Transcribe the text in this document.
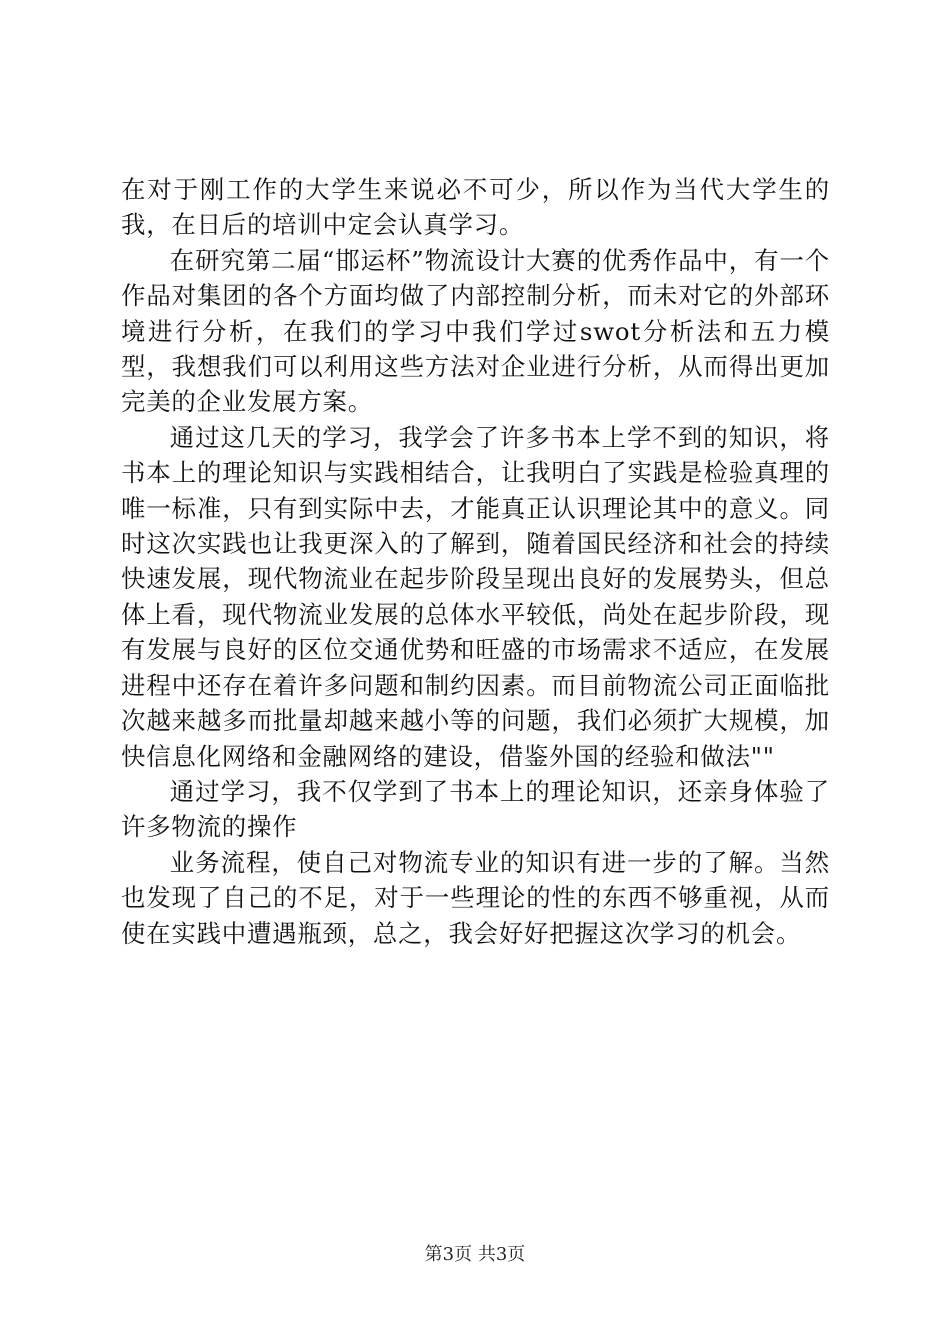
在对于刚工作的大学生来说必不可少，所以作为当代大学生的我，在日后的培训中定会认真学习。

在研究第二届“邯运杯”物流设计大赛的优秀作品中，有一个作品对集团的各个方面均做了内部控制分析，而未对它的外部环境进行分析，在我们的学习中我们学过swot分析法和五力模型，我想我们可以利用这些方法对企业进行分析，从而得出更加完美的企业发展方案。

通过这几天的学习，我学会了许多书本上学不到的知识，将书本上的理论知识与实践相结合，让我明白了实践是检验真理的唯一标准，只有到实际中去，才能真正认识理论其中的意义。同时这次实践也让我更深入的了解到，随着国民经济和社会的持续快速发展，现代物流业在起步阶段呈现出良好的发展势头，但总体上看，现代物流业发展的总体水平较低，尚处在起步阶段，现有发展与良好的区位交通优势和旺盛的市场需求不适应，在发展进程中还存在着许多问题和制约因素。而目前物流公司正面临批次越来越多而批量却越来越小等的问题，我们必须扩大规模，加快信息化网络和金融网络的建设，借鉴外国的经验和做法""

通过学习，我不仅学到了书本上的理论知识，还亲身体验了许多物流的操作

业务流程，使自己对物流专业的知识有进一步的了解。当然也发现了自己的不足，对于一些理论的性的东西不够重视，从而使在实践中遭遇瓶颈，总之，我会好好把握这次学习的机会。

第3页 共3页
